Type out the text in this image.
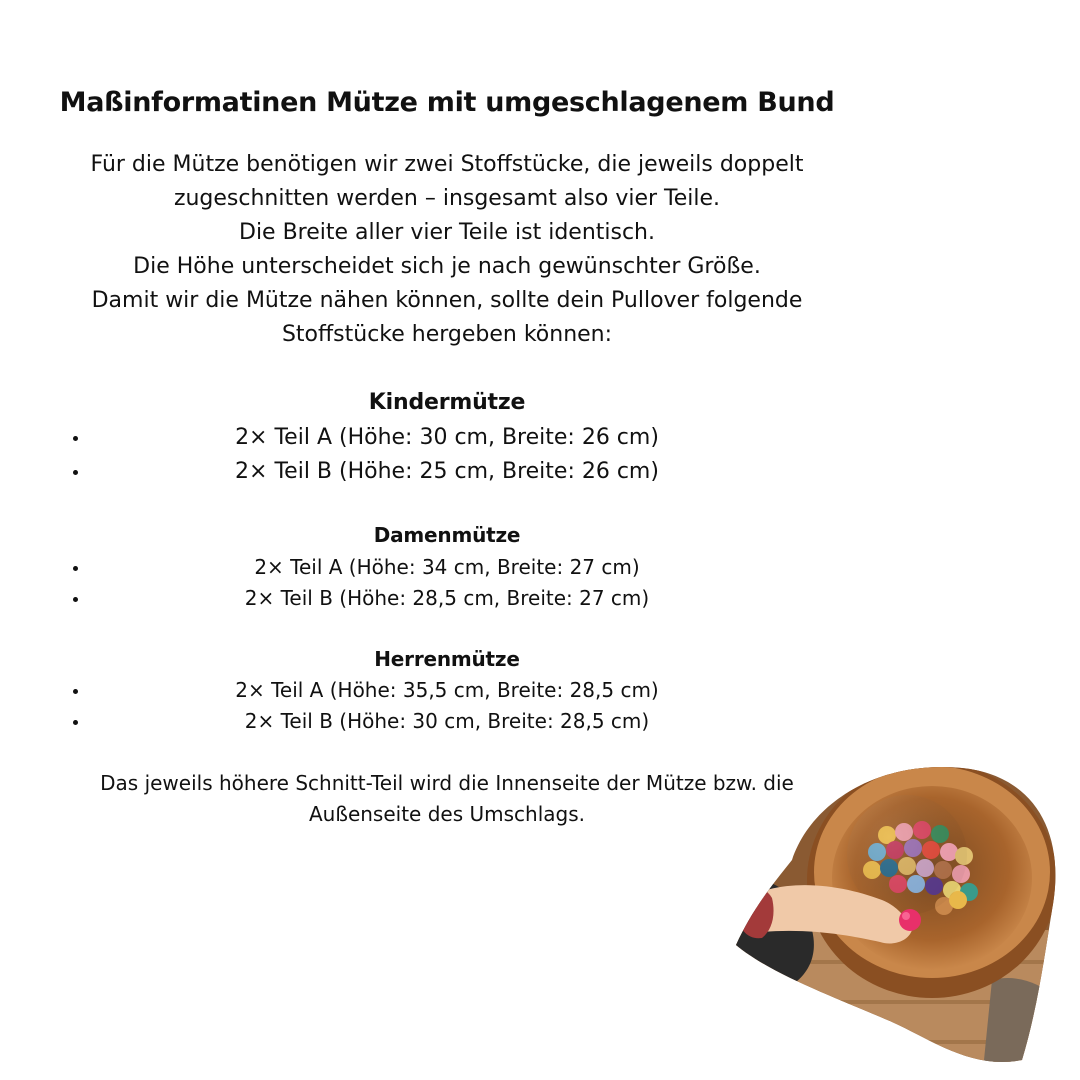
Maßinformatinen Mütze mit umgeschlagenem Bund
Für die Mütze benötigen wir zwei Stoffstücke, die jeweils doppelt
zugeschnitten werden – insgesamt also vier Teile.
Die Breite aller vier Teile ist identisch.
Die Höhe unterscheidet sich je nach gewünschter Größe.
Damit wir die Mütze nähen können, sollte dein Pullover folgende
Stoffstücke hergeben können:
Kindermütze
2× Teil A (Höhe: 30 cm, Breite: 26 cm)
2× Teil B (Höhe: 25 cm, Breite: 26 cm)
Damenmütze
2× Teil A (Höhe: 34 cm, Breite: 27 cm)
2× Teil B (Höhe: 28,5 cm, Breite: 27 cm)
Herrenmütze
2× Teil A (Höhe: 35,5 cm, Breite: 28,5 cm)
2× Teil B (Höhe: 30 cm, Breite: 28,5 cm)
Das jeweils höhere Schnitt-Teil wird die Innenseite der Mütze bzw. die
Außenseite des Umschlags.
